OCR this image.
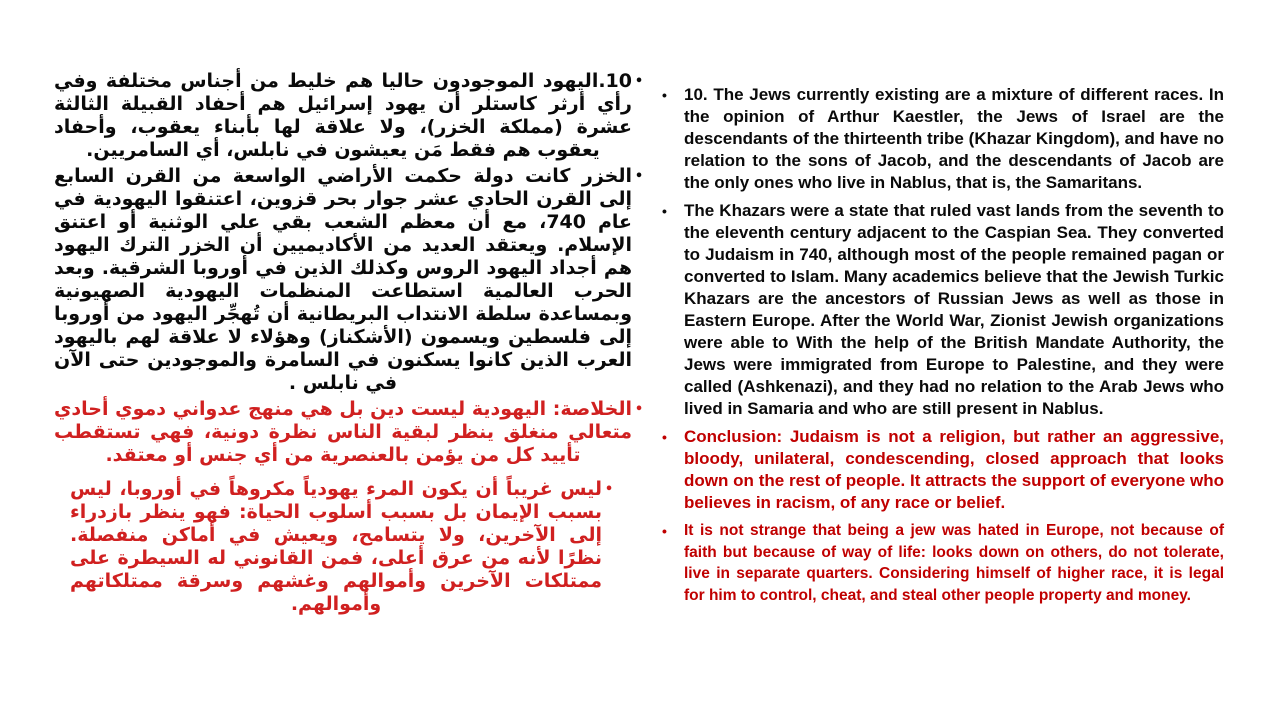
•

10.اليهود الموجودون حاليا هم خليط من أجناس مختلفة وفي رأي أرثر كاستلر أن يهود إسرائيل هم أحفاد القبيلة الثالثة عشرة (مملكة الخزر)، ولا علاقة لها بأبناء يعقوب، وأحفاد يعقوب هم فقط مَن يعيشون في نابلس، أي السامريين.

•

الخزر كانت دولة حكمت الأراضي الواسعة من القرن السابع إلى القرن الحادي عشر جوار بحر قزوين، اعتنقوا اليهودية في عام 740، مع أن معظم الشعب بقي علي الوثنية أو اعتنق الإسلام. ويعتقد العديد من الأكاديميين أن الخزر الترك اليهود هم أجداد اليهود الروس وكذلك الذين في أوروبا الشرقية. وبعد الحرب العالمية استطاعت المنظمات اليهودية الصهيونية وبمساعدة سلطة الانتداب البريطانية أن تُهجِّر اليهود من أوروبا إلى فلسطين ويسمون (الأشكناز) وهؤلاء لا علاقة لهم باليهود العرب الذين كانوا يسكنون في السامرة والموجودين حتى الآن في نابلس .

•

الخلاصة: اليهودية ليست دين بل هي منهج عدواني دموي أحادي متعالي منغلق ينظر لبقية الناس نظرة دونية، فهي تستقطب تأييد كل من يؤمن بالعنصرية من أي جنس أو معتقد.

•

ليس غريباً أن يكون المرء يهودياً مكروهاً في أوروبا، ليس بسبب الإيمان بل بسبب أسلوب الحياة: فهو ينظر بازدراء إلى الآخرين، ولا يتسامح، ويعيش في أماكن منفصلة. نظرًا لأنه من عرق أعلى، فمن القانوني له السيطرة على ممتلكات الآخرين وأموالهم وغشهم وسرقة ممتلكاتهم وأموالهم.

•	10. The Jews currently existing are a mixture of different races. In the opinion of Arthur Kaestler, the Jews of Israel are the descendants of the thirteenth tribe (Khazar Kingdom), and have no relation to the sons of Jacob, and the descendants of Jacob are the only ones who live in Nablus, that is, the Samaritans.

•	The Khazars were a state that ruled vast lands from the seventh to the eleventh century adjacent to the Caspian Sea. They converted to Judaism in 740, although most of the people remained pagan or converted to Islam. Many academics believe that the Jewish Turkic Khazars are the ancestors of Russian Jews as well as those in Eastern Europe. After the World War, Zionist Jewish organizations were able to With the help of the British Mandate Authority, the Jews were immigrated from Europe to Palestine, and they were called (Ashkenazi), and they had no relation to the Arab Jews who lived in Samaria and who are still present in Nablus.

•	Conclusion: Judaism is not a religion, but rather an aggressive, bloody, unilateral, condescending, closed approach that looks down on the rest of people. It attracts the support of everyone who believes in racism, of any race or belief.

•	It is not strange that being a jew was hated in Europe, not because of faith but because of way of life: looks down on others, do not tolerate, live in separate quarters. Considering himself of higher race, it is legal for him to control, cheat, and steal other people property and money.
